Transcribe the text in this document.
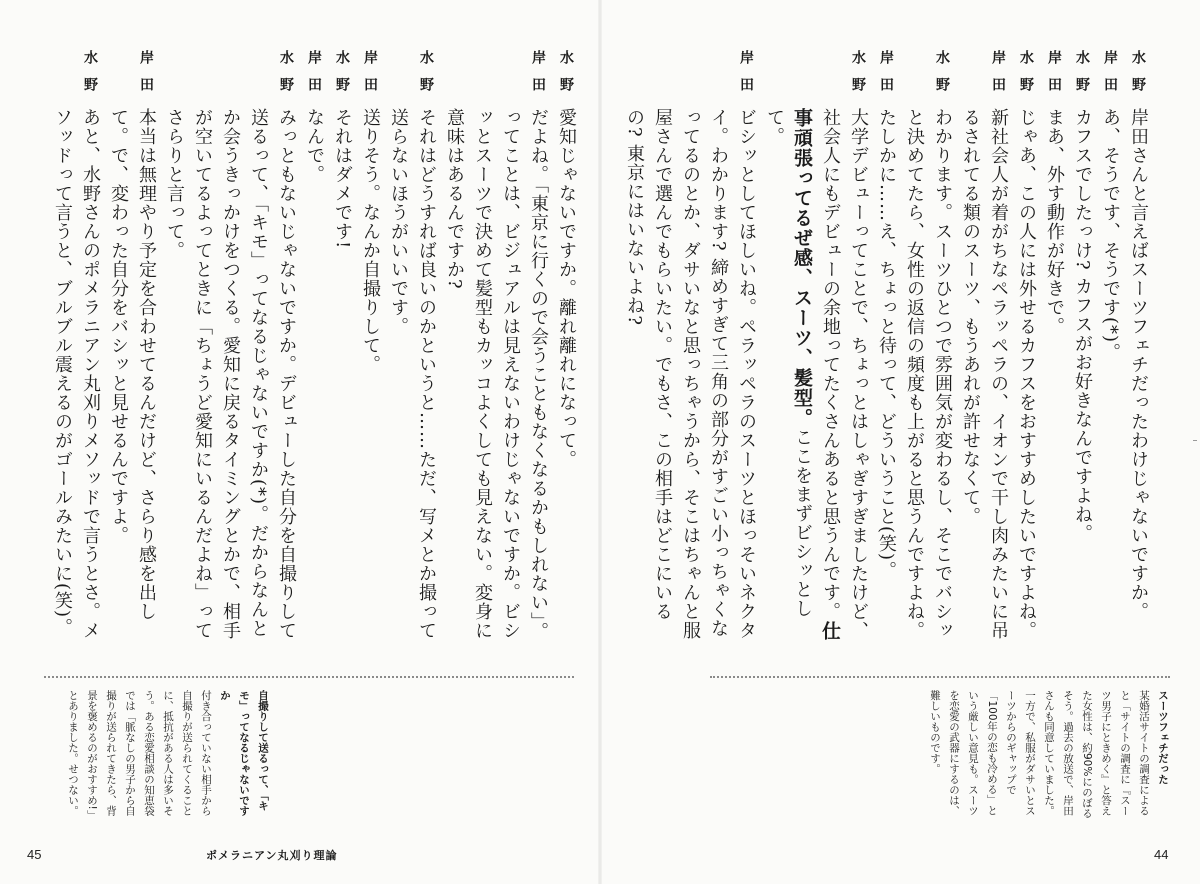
水野
愛知じゃないですか。離れ離れになって。
岸田
だよね。「東京に行くので会うこともなくなるかもしれない」。ってことは、ビジュアルは見えないわけじゃないですか。ビシッとスーツで決めて髪型もカッコよくしても見えない。変身に意味はあるんですか?
水野
それはどうすれば良いのかというと……ただ、写メとか撮って送らないほうがいいです。
岸田
送りそう。なんか自撮りして。
水野
それはダメです!
岸田
なんで。
水野
みっともないじゃないですか。デビューした自分を自撮りして送るって、「キモ」ってなるじゃないですか(*)。だからなんとか会うきっかけをつくる。愛知に戻るタイミングとかで、相手が空いてるよってときに「ちょうど愛知にいるんだよね」ってさらりと言って。
岸田
本当は無理やり予定を合わせてるんだけど、さらり感を出して。で、変わった自分をバシッと見せるんですよ。
水野
あと、水野さんのポメラニアン丸刈りメソッドで言うとさ。メソッドって言うと、ブルブル震えるのがゴールみたいに(笑)。
自撮りして送るって、「キモ」ってなるじゃないですか
付き合っていない相手から自撮りが送られてくることに、抵抗がある人は多いそう。ある恋愛相談の知恵袋では「脈なしの男子から自撮りが送られてきたら、背景を褒めるのがおすすめ!」とありました。せつない。
45	ポメラニアン丸刈り理論
水野
岸田さんと言えばスーツフェチだったわけじゃないですか。
岸田
あ、そうです、そうです(*)。
水野
カフスでしたっけ? カフスがお好きなんですよね。
岸田
まあ、外す動作が好きで。
水野
じゃあ、この人には外せるカフスをおすすめしたいですよね。
岸田
新社会人が着がちなペラッペラの、イオンで干し肉みたいに吊るされてる類のスーツ、もうあれが許せなくて。
水野
わかります。スーツひとつで雰囲気が変わるし、そこでバシッと決めてたら、女性の返信の頻度も上がると思うんですよね。
岸田
たしかに……え、ちょっと待って、どういうこと(笑)。
水野
大学デビューってことで、ちょっとはしゃぎすぎましたけど、社会人にもデビューの余地ってたくさんあると思うんです。仕事頑張ってるぜ感、スーツ、髪型。ここをまずビシッとして。
岸田
ビシッとしてほしいね。ペラッペラのスーツとほっそいネクタイ。わかります? 締めすぎて三角の部分がすごい小っちゃくなってるのとか、ダサいなと思っちゃうから、そこはちゃんと服屋さんで選んでもらいたい。でもさ、この相手はどこにいるの? 東京にはいないよね?
スーツフェチだった
某婚活サイトの調査によると「サイトの調査に『スーツ男子にときめく』と答えた女性は、約90%にのぼるそう。過去の放送で、岸田さんも同意していました。一方で、私服がダサいとスーツからのギャップで「100年の恋も冷める」という厳しい意見も。スーツを恋愛の武器にするのは、難しいものです。
44
